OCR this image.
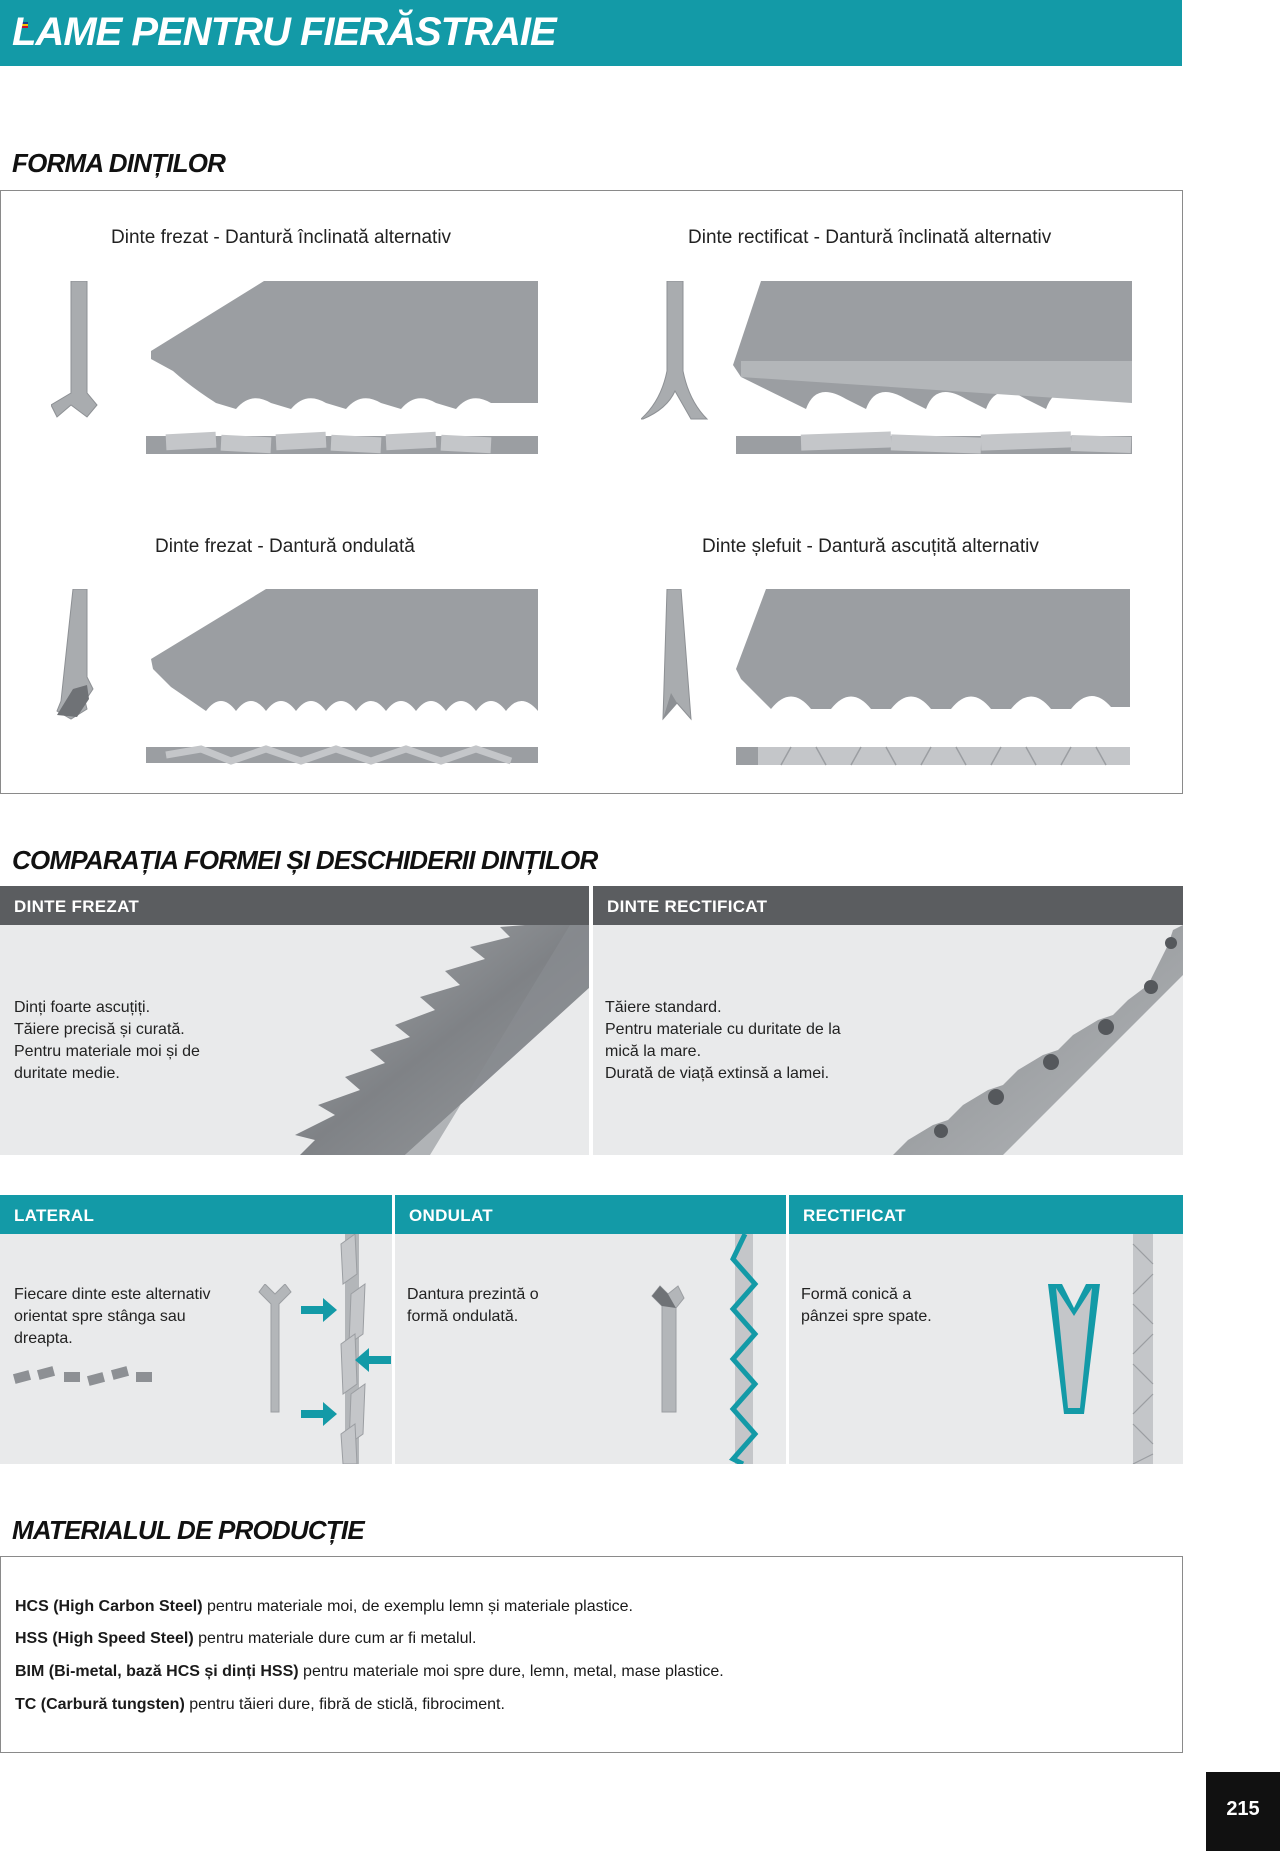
LAME PENTRU FIERĂSTRAIE
FORMA DINȚILOR
Dinte frezat - Dantură înclinată alternativ	Dinte rectificat - Dantură înclinată alternativ
Dinte frezat - Dantură ondulată	Dinte șlefuit - Dantură ascuțită alternativ
COMPARAȚIA FORMEI ȘI DESCHIDERII DINȚILOR
DINTE FREZAT	DINTE RECTIFICAT
Dinți foarte ascuțiți.
Tăiere precisă și curată.
Pentru materiale moi și de
duritate medie.
Tăiere standard.
Pentru materiale cu duritate de la
mică la mare.
Durată de viață extinsă a lamei.
LATERAL	ONDULAT	RECTIFICAT
Fiecare dinte este alternativ
orientat spre stânga sau
dreapta.
Dantura prezintă o
formă ondulată.
Formă conică a
pânzei spre spate.
MATERIALUL DE PRODUCȚIE
HCS (High Carbon Steel) pentru materiale moi, de exemplu lemn și materiale plastice.
HSS (High Speed Steel) pentru materiale dure cum ar fi metalul.
BIM (Bi-metal, bază HCS și dinți HSS) pentru materiale moi spre dure, lemn, metal, mase plastice.
TC (Carbură tungsten) pentru tăieri dure, fibră de sticlă, fibrociment.
215
